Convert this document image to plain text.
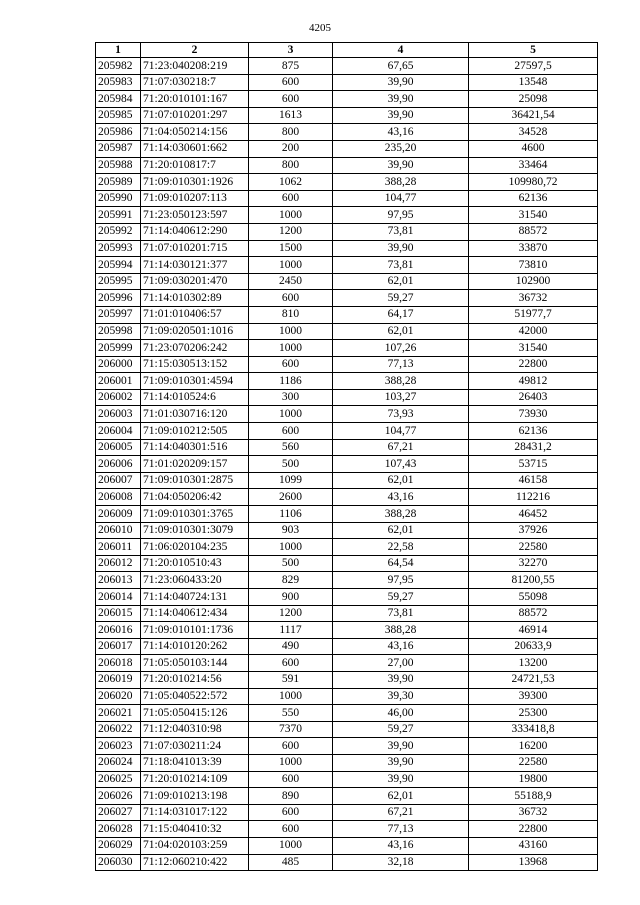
4205
1	2	3	4	5
205982	71:23:040208:219	875	67,65	27597,5
205983	71:07:030218:7	600	39,90	13548
205984	71:20:010101:167	600	39,90	25098
205985	71:07:010201:297	1613	39,90	36421,54
205986	71:04:050214:156	800	43,16	34528
205987	71:14:030601:662	200	235,20	4600
205988	71:20:010817:7	800	39,90	33464
205989	71:09:010301:1926	1062	388,28	109980,72
205990	71:09:010207:113	600	104,77	62136
205991	71:23:050123:597	1000	97,95	31540
205992	71:14:040612:290	1200	73,81	88572
205993	71:07:010201:715	1500	39,90	33870
205994	71:14:030121:377	1000	73,81	73810
205995	71:09:030201:470	2450	62,01	102900
205996	71:14:010302:89	600	59,27	36732
205997	71:01:010406:57	810	64,17	51977,7
205998	71:09:020501:1016	1000	62,01	42000
205999	71:23:070206:242	1000	107,26	31540
206000	71:15:030513:152	600	77,13	22800
206001	71:09:010301:4594	1186	388,28	49812
206002	71:14:010524:6	300	103,27	26403
206003	71:01:030716:120	1000	73,93	73930
206004	71:09:010212:505	600	104,77	62136
206005	71:14:040301:516	560	67,21	28431,2
206006	71:01:020209:157	500	107,43	53715
206007	71:09:010301:2875	1099	62,01	46158
206008	71:04:050206:42	2600	43,16	112216
206009	71:09:010301:3765	1106	388,28	46452
206010	71:09:010301:3079	903	62,01	37926
206011	71:06:020104:235	1000	22,58	22580
206012	71:20:010510:43	500	64,54	32270
206013	71:23:060433:20	829	97,95	81200,55
206014	71:14:040724:131	900	59,27	55098
206015	71:14:040612:434	1200	73,81	88572
206016	71:09:010101:1736	1117	388,28	46914
206017	71:14:010120:262	490	43,16	20633,9
206018	71:05:050103:144	600	27,00	13200
206019	71:20:010214:56	591	39,90	24721,53
206020	71:05:040522:572	1000	39,30	39300
206021	71:05:050415:126	550	46,00	25300
206022	71:12:040310:98	7370	59,27	333418,8
206023	71:07:030211:24	600	39,90	16200
206024	71:18:041013:39	1000	39,90	22580
206025	71:20:010214:109	600	39,90	19800
206026	71:09:010213:198	890	62,01	55188,9
206027	71:14:031017:122	600	67,21	36732
206028	71:15:040410:32	600	77,13	22800
206029	71:04:020103:259	1000	43,16	43160
206030	71:12:060210:422	485	32,18	13968
